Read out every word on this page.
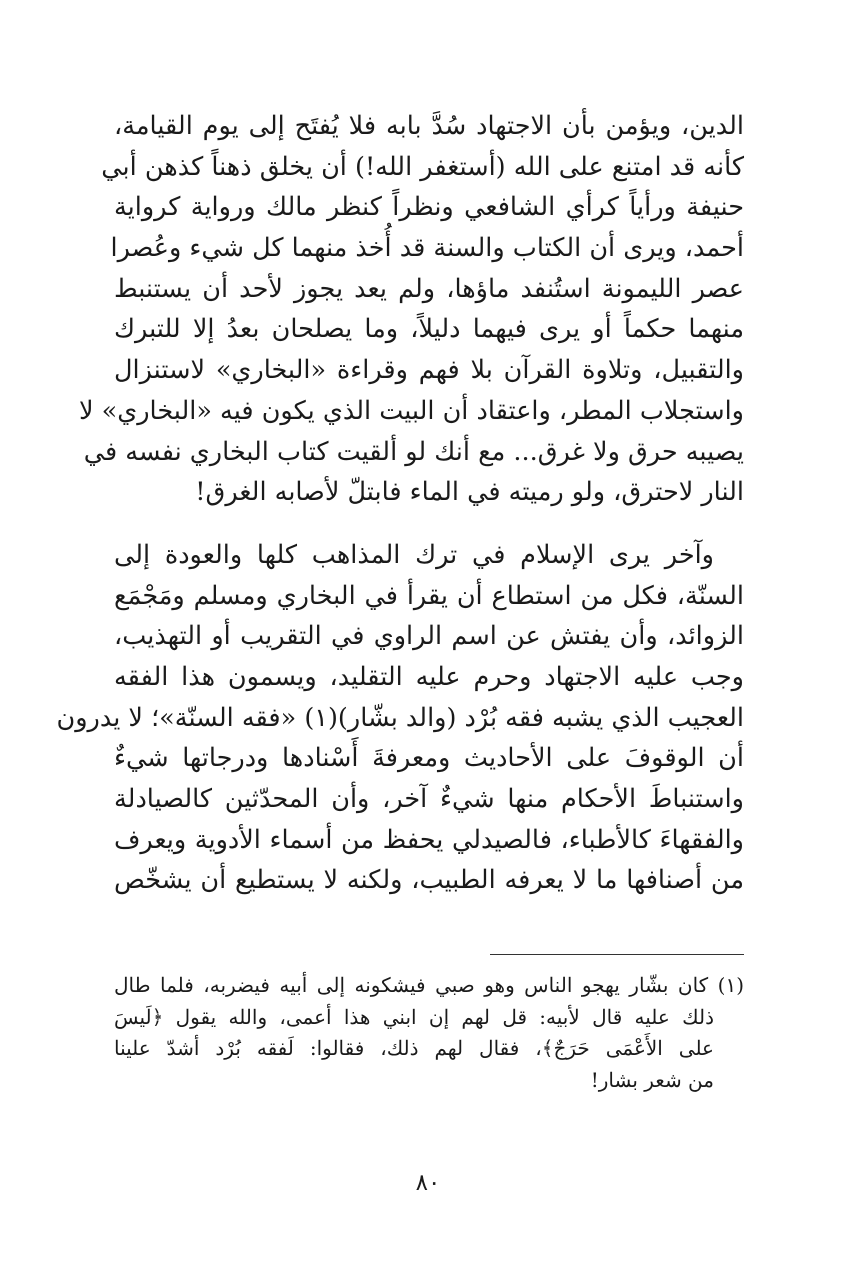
الدين، ويؤمن بأن الاجتهاد سُدَّ بابه فلا يُفتَح إلى يوم القيامة،
كأنه قد امتنع على الله (أستغفر الله!) أن يخلق ذهناً كذهن أبي
حنيفة ورأياً كرأي الشافعي ونظراً كنظر مالك ورواية كرواية
أحمد، ويرى أن الكتاب والسنة قد أُخذ منهما كل شيء وعُصرا
عصر الليمونة استُنفد ماؤها، ولم يعد يجوز لأحد أن يستنبط
منهما حكماً أو يرى فيهما دليلاً، وما يصلحان بعدُ إلا للتبرك
والتقبيل، وتلاوة القرآن بلا فهم وقراءة «البخاري» لاستنزال
واستجلاب المطر، واعتقاد أن البيت الذي يكون فيه «البخاري» لا
يصيبه حرق ولا غرق... مع أنك لو ألقيت كتاب البخاري نفسه في
النار لاحترق، ولو رميته في الماء فابتلّ لأصابه الغرق!
وآخر يرى الإسلام في ترك المذاهب كلها والعودة إلى
السنّة، فكل من استطاع أن يقرأ في البخاري ومسلم ومَجْمَع
الزوائد، وأن يفتش عن اسم الراوي في التقريب أو التهذيب،
وجب عليه الاجتهاد وحرم عليه التقليد، ويسمون هذا الفقه
العجيب الذي يشبه فقه بُرْد (والد بشّار)(١) «فقه السنّة»؛ لا يدرون
أن الوقوفَ على الأحاديث ومعرفةَ أَسْنادها ودرجاتها شيءٌ
واستنباطَ الأحكام منها شيءٌ آخر، وأن المحدّثين كالصيادلة
والفقهاءَ كالأطباء، فالصيدلي يحفظ من أسماء الأدوية ويعرف
من أصنافها ما لا يعرفه الطبيب، ولكنه لا يستطيع أن يشخّص
(١) كان بشّار يهجو الناس وهو صبي فيشكونه إلى أبيه فيضربه، فلما طال
ذلك عليه قال لأبيه: قل لهم إن ابني هذا أعمى، والله يقول ﴿لَيسَ
على الأَعْمَى حَرَجٌ﴾، فقال لهم ذلك، فقالوا: لَفقه بُرْد أشدّ علينا
من شعر بشار!
٨٠
